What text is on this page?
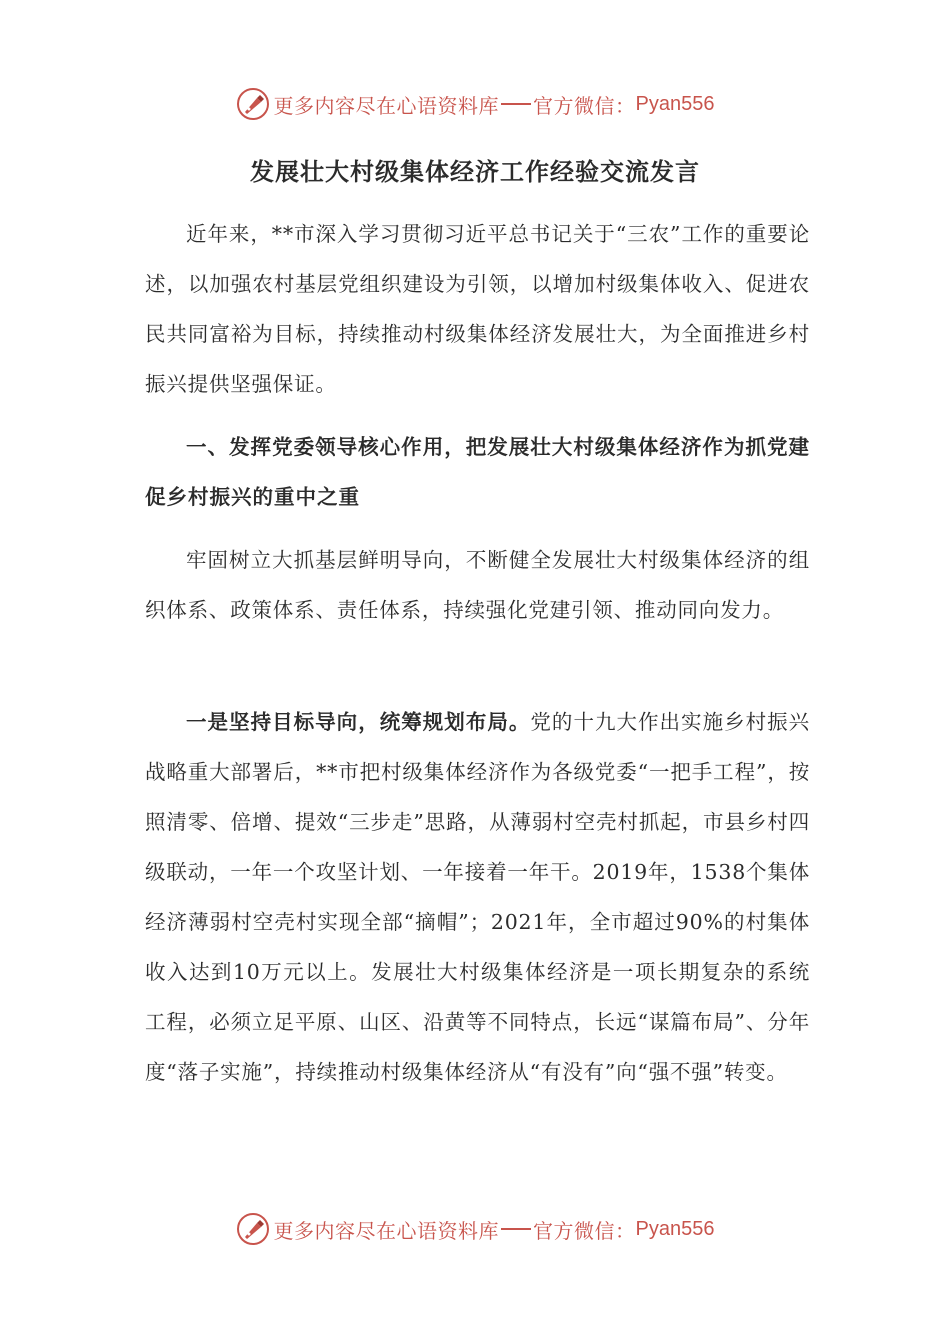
更多内容尽在心语资料库 官方微信： Pyan556
发展壮大村级集体经济工作经验交流发言

近年来，**市深入学习贯彻习近平总书记关于“三农”工作的重要论述，以加强农村基层党组织建设为引领，以增加村级集体收入、促进农民共同富裕为目标，持续推动村级集体经济发展壮大，为全面推进乡村振兴提供坚强保证。

一、发挥党委领导核心作用，把发展壮大村级集体经济作为抓党建促乡村振兴的重中之重

牢固树立大抓基层鲜明导向，不断健全发展壮大村级集体经济的组织体系、政策体系、责任体系，持续强化党建引领、推动同向发力。

一是坚持目标导向，统筹规划布局。党的十九大作出实施乡村振兴战略重大部署后，**市把村级集体经济作为各级党委“一把手工程”，按照清零、倍增、提效“三步走”思路，从薄弱村空壳村抓起，市县乡村四级联动，一年一个攻坚计划、一年接着一年干。2019年，1538个集体经济薄弱村空壳村实现全部“摘帽”；2021年，全市超过90%的村集体收入达到10万元以上。发展壮大村级集体经济是一项长期复杂的系统工程，必须立足平原、山区、沿黄等不同特点，长远“谋篇布局”、分年度“落子实施”，持续推动村级集体经济从“有没有”向“强不强”转变。

更多内容尽在心语资料库 官方微信： Pyan556
